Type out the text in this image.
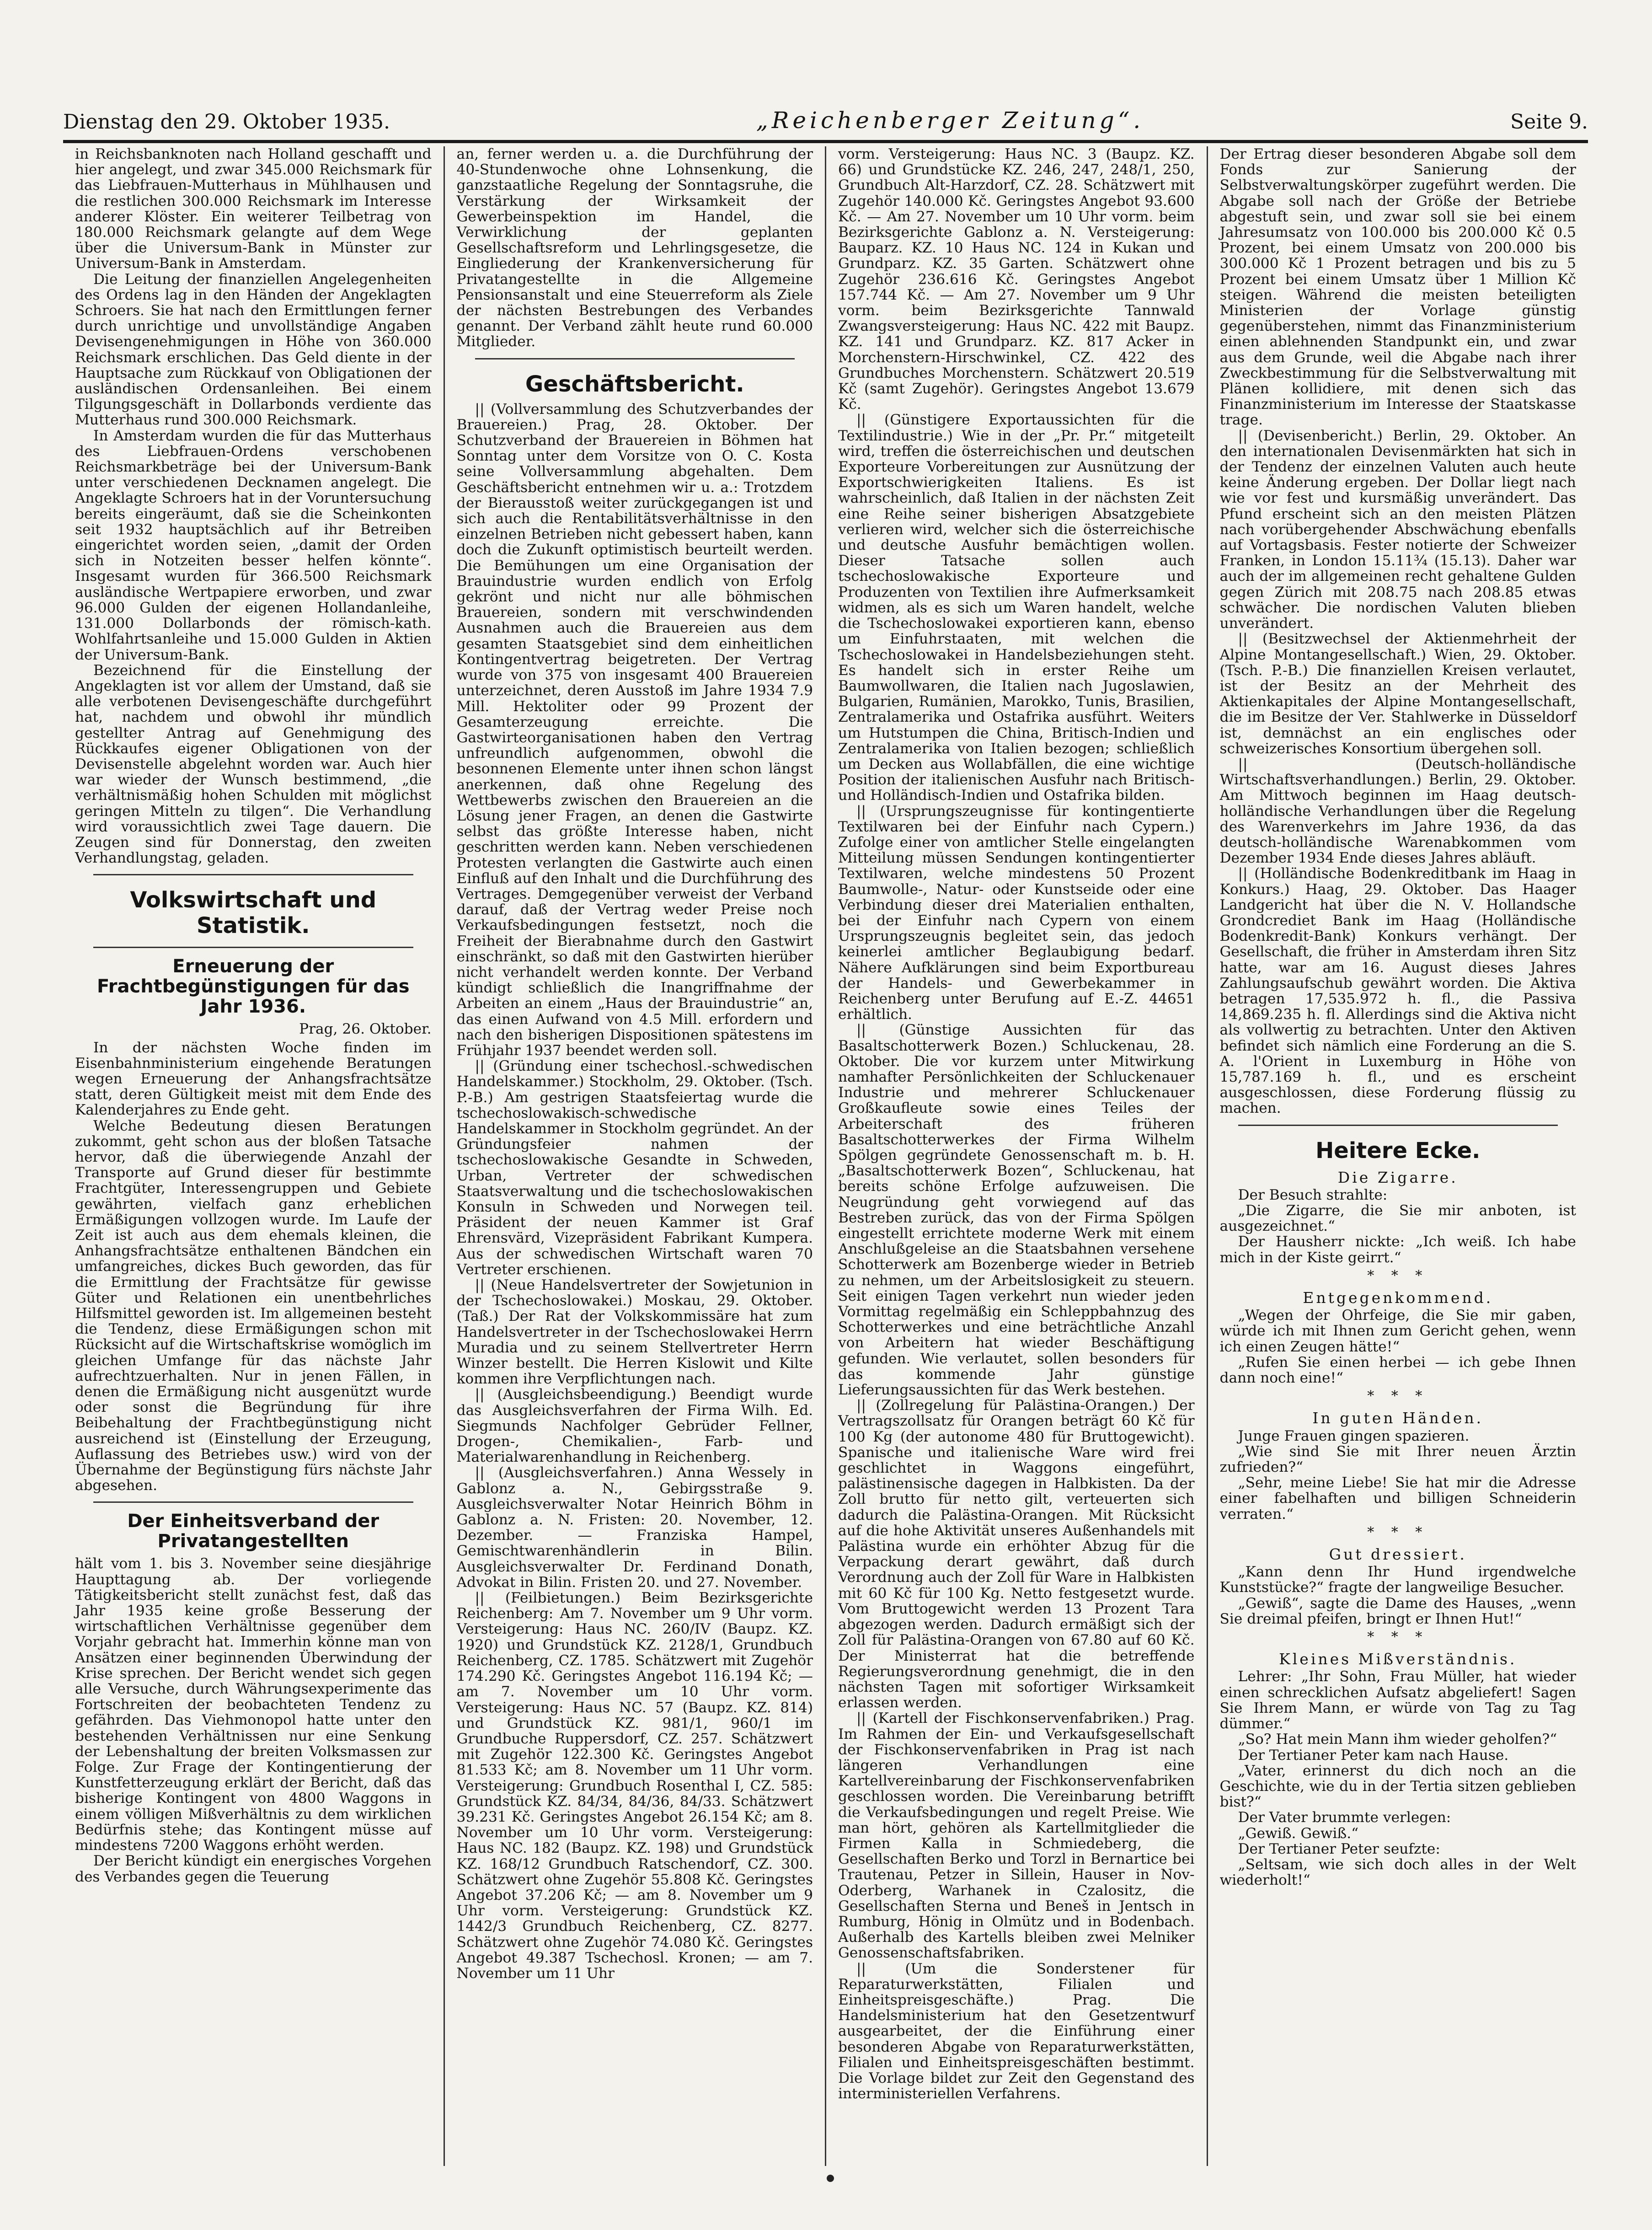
Dienstag den 29. Oktober 1935.	„Reichenberger Zeitung“.	Seite 9.

in Reichsbanknoten nach Holland geschafft und hier angelegt, und zwar 345.000 Reichsmark für das Liebfrauen-Mutterhaus in Mühlhausen und die restlichen 300.000 Reichsmark im Interesse anderer Klöster. Ein weiterer Teilbetrag von 180.000 Reichsmark gelangte auf dem Wege über die Universum-Bank in Münster zur Universum-Bank in Amsterdam.

Die Leitung der finanziellen Angelegenheiten des Ordens lag in den Händen der Angeklagten Schroers. Sie hat nach den Ermittlungen ferner durch unrichtige und unvollständige Angaben Devisengenehmigungen in Höhe von 360.000 Reichsmark erschlichen. Das Geld diente in der Hauptsache zum Rückkauf von Obligationen der ausländischen Ordensanleihen. Bei einem Tilgungsgeschäft in Dollarbonds verdiente das Mutterhaus rund 300.000 Reichsmark.

In Amsterdam wurden die für das Mutterhaus des Liebfrauen-Ordens verschobenen Reichsmarkbeträge bei der Universum-Bank unter verschiedenen Decknamen angelegt. Die Angeklagte Schroers hat in der Voruntersuchung bereits eingeräumt, daß sie die Scheinkonten seit 1932 hauptsächlich auf ihr Betreiben eingerichtet worden seien, „damit der Orden sich in Notzeiten besser helfen könnte“. Insgesamt wurden für 366.500 Reichsmark ausländische Wertpapiere erworben, und zwar 96.000 Gulden der eigenen Hollandanleihe, 131.000 Dollarbonds der römisch-kath. Wohlfahrtsanleihe und 15.000 Gulden in Aktien der Universum-Bank.

Bezeichnend für die Einstellung der Angeklagten ist vor allem der Umstand, daß sie alle verbotenen Devisengeschäfte durchgeführt hat, nachdem und obwohl ihr mündlich gestellter Antrag auf Genehmigung des Rückkaufes eigener Obligationen von der Devisenstelle abgelehnt worden war. Auch hier war wieder der Wunsch bestimmend, „die verhältnismäßig hohen Schulden mit möglichst geringen Mitteln zu tilgen“. Die Verhandlung wird voraussichtlich zwei Tage dauern. Die Zeugen sind für Donnerstag, den zweiten Verhandlungstag, geladen.

Volkswirtschaft und Statistik.
Erneuerung der Frachtbegünstigungen für das Jahr 1936.
Prag, 26. Oktober.

In der nächsten Woche finden im Eisenbahnministerium eingehende Beratungen wegen Erneuerung der Anhangsfrachtsätze statt, deren Gültigkeit meist mit dem Ende des Kalenderjahres zu Ende geht.

Welche Bedeutung diesen Beratungen zukommt, geht schon aus der bloßen Tatsache hervor, daß die überwiegende Anzahl der Transporte auf Grund dieser für bestimmte Frachtgüter, Interessengruppen und Gebiete gewährten, vielfach ganz erheblichen Ermäßigungen vollzogen wurde. Im Laufe der Zeit ist auch aus dem ehemals kleinen, die Anhangsfrachtsätze enthaltenen Bändchen ein umfangreiches, dickes Buch geworden, das für die Ermittlung der Frachtsätze für gewisse Güter und Relationen ein unentbehrliches Hilfsmittel geworden ist. Im allgemeinen besteht die Tendenz, diese Ermäßigungen schon mit Rücksicht auf die Wirtschaftskrise womöglich im gleichen Umfange für das nächste Jahr aufrechtzuerhalten. Nur in jenen Fällen, in denen die Ermäßigung nicht ausgenützt wurde oder sonst die Begründung für ihre Beibehaltung der Frachtbegünstigung nicht ausreichend ist (Einstellung der Erzeugung, Auflassung des Betriebes usw.) wird von der Übernahme der Begünstigung fürs nächste Jahr abgesehen.

Der Einheitsverband der Privatangestellten

hält vom 1. bis 3. November seine diesjährige Haupttagung ab. Der vorliegende Tätigkeitsbericht stellt zunächst fest, daß das Jahr 1935 keine große Besserung der wirtschaftlichen Verhältnisse gegenüber dem Vorjahr gebracht hat. Immerhin könne man von Ansätzen einer beginnenden Überwindung der Krise sprechen. Der Bericht wendet sich gegen alle Versuche, durch Währungsexperimente das Fortschreiten der beobachteten Tendenz zu gefährden. Das Viehmonopol hatte unter den bestehenden Verhältnissen nur eine Senkung der Lebenshaltung der breiten Volksmassen zur Folge. Zur Frage der Kontingentierung der Kunstfetterzeugung erklärt der Bericht, daß das bisherige Kontingent von 4800 Waggons in einem völligen Mißverhältnis zu dem wirklichen Bedürfnis stehe; das Kontingent müsse auf mindestens 7200 Waggons erhöht werden.

Der Bericht kündigt ein energisches Vorgehen des Verbandes gegen die Teuerung

an, ferner werden u. a. die Durchführung der 40-Stundenwoche ohne Lohnsenkung, die ganzstaatliche Regelung der Sonntagsruhe, die Verstärkung der Wirksamkeit der Gewerbeinspektion im Handel, die Verwirklichung der geplanten Gesellschaftsreform und Lehrlingsgesetze, die Eingliederung der Krankenversicherung für Privatangestellte in die Allgemeine Pensionsanstalt und eine Steuerreform als Ziele der nächsten Bestrebungen des Verbandes genannt. Der Verband zählt heute rund 60.000 Mitglieder.

Geschäftsbericht.

|| (Vollversammlung des Schutzverbandes der Brauereien.) Prag, 28. Oktober. Der Schutzverband der Brauereien in Böhmen hat Sonntag unter dem Vorsitze von O. C. Kosta seine Vollversammlung abgehalten. Dem Geschäftsbericht entnehmen wir u. a.: Trotzdem der Bierausstoß weiter zurückgegangen ist und sich auch die Rentabilitätsverhältnisse in den einzelnen Betrieben nicht gebessert haben, kann doch die Zukunft optimistisch beurteilt werden. Die Bemühungen um eine Organisation der Brauindustrie wurden endlich von Erfolg gekrönt und nicht nur alle böhmischen Brauereien, sondern mit verschwindenden Ausnahmen auch die Brauereien aus dem gesamten Staatsgebiet sind dem einheitlichen Kontingentvertrag beigetreten. Der Vertrag wurde von 375 von insgesamt 400 Brauereien unterzeichnet, deren Ausstoß im Jahre 1934 7.9 Mill. Hektoliter oder 99 Prozent der Gesamterzeugung erreichte. Die Gastwirteorganisationen haben den Vertrag unfreundlich aufgenommen, obwohl die besonnenen Elemente unter ihnen schon längst anerkennen, daß ohne Regelung des Wettbewerbs zwischen den Brauereien an die Lösung jener Fragen, an denen die Gastwirte selbst das größte Interesse haben, nicht geschritten werden kann. Neben verschiedenen Protesten verlangten die Gastwirte auch einen Einfluß auf den Inhalt und die Durchführung des Vertrages. Demgegenüber verweist der Verband darauf, daß der Vertrag weder Preise noch Verkaufsbedingungen festsetzt, noch die Freiheit der Bierabnahme durch den Gastwirt einschränkt, so daß mit den Gastwirten hierüber nicht verhandelt werden konnte. Der Verband kündigt schließlich die Inangriffnahme der Arbeiten an einem „Haus der Brauindustrie“ an, das einen Aufwand von 4.5 Mill. erfordern und nach den bisherigen Dispositionen spätestens im Frühjahr 1937 beendet werden soll.

|| (Gründung einer tschechosl.-schwedischen Handelskammer.) Stockholm, 29. Oktober. (Tsch. P.-B.) Am gestrigen Staatsfeiertag wurde die tschechoslowakisch-schwedische Handelskammer in Stockholm gegründet. An der Gründungsfeier nahmen der tschechoslowakische Gesandte in Schweden, Urban, Vertreter der schwedischen Staatsverwaltung und die tschechoslowakischen Konsuln in Schweden und Norwegen teil. Präsident der neuen Kammer ist Graf Ehrensvärd, Vizepräsident Fabrikant Kumpera. Aus der schwedischen Wirtschaft waren 70 Vertreter erschienen.

|| (Neue Handelsvertreter der Sowjetunion in der Tschechoslowakei.) Moskau, 29. Oktober. (Taß.) Der Rat der Volkskommissäre hat zum Handelsvertreter in der Tschechoslowakei Herrn Muradia und zu seinem Stellvertreter Herrn Winzer bestellt. Die Herren Kislowit und Kilte kommen ihre Verpflichtungen nach.

|| (Ausgleichsbeendigung.) Beendigt wurde das Ausgleichsverfahren der Firma Wilh. Ed. Siegmunds Nachfolger Gebrüder Fellner, Drogen-, Chemikalien-, Farb- und Materialwarenhandlung in Reichenberg.

|| (Ausgleichsverfahren.) Anna Wessely in Gablonz a. N., Gebirgsstraße 9. Ausgleichsverwalter Notar Heinrich Böhm in Gablonz a. N. Fristen: 20. November, 12. Dezember. — Franziska Hampel, Gemischtwarenhändlerin in Bilin. Ausgleichsverwalter Dr. Ferdinand Donath, Advokat in Bilin. Fristen 20. und 27. November.

|| (Feilbietungen.) Beim Bezirksgerichte Reichenberg: Am 7. November um 9 Uhr vorm. Versteigerung: Haus NC. 260/IV (Baupz. KZ. 1920) und Grundstück KZ. 2128/1, Grundbuch Reichenberg, CZ. 1785. Schätzwert mit Zugehör 174.290 Kč. Geringstes Angebot 116.194 Kč; — am 7. November um 10 Uhr vorm. Versteigerung: Haus NC. 57 (Baupz. KZ. 814) und Grundstück KZ. 981/1, 960/1 im Grundbuche Ruppersdorf, CZ. 257. Schätzwert mit Zugehör 122.300 Kč. Geringstes Angebot 81.533 Kč; am 8. November um 11 Uhr vorm. Versteigerung: Grundbuch Rosenthal I, CZ. 585: Grundstück KZ. 84/34, 84/36, 84/33. Schätzwert 39.231 Kč. Geringstes Angebot 26.154 Kč; am 8. November um 10 Uhr vorm. Versteigerung: Haus NC. 182 (Baupz. KZ. 198) und Grundstück KZ. 168/12 Grundbuch Ratschendorf, CZ. 300. Schätzwert ohne Zugehör 55.808 Kč. Geringstes Angebot 37.206 Kč; — am 8. November um 9 Uhr vorm. Versteigerung: Grundstück KZ. 1442/3 Grundbuch Reichenberg, CZ. 8277. Schätzwert ohne Zugehör 74.080 Kč. Geringstes Angebot 49.387 Tschechosl. Kronen; — am 7. November um 11 Uhr

vorm. Versteigerung: Haus NC. 3 (Baupz. KZ. 66) und Grundstücke KZ. 246, 247, 248/1, 250, Grundbuch Alt-Harzdorf, CZ. 28. Schätzwert mit Zugehör 140.000 Kč. Geringstes Angebot 93.600 Kč. — Am 27. November um 10 Uhr vorm. beim Bezirksgerichte Gablonz a. N. Versteigerung: Bauparz. KZ. 10 Haus NC. 124 in Kukan und Grundparz. KZ. 35 Garten. Schätzwert ohne Zugehör 236.616 Kč. Geringstes Angebot 157.744 Kč. — Am 27. November um 9 Uhr vorm. beim Bezirksgerichte Tannwald Zwangsversteigerung: Haus NC. 422 mit Baupz. KZ. 141 und Grundparz. KZ. 817 Acker in Morchenstern-Hirschwinkel, CZ. 422 des Grundbuches Morchenstern. Schätzwert 20.519 Kč (samt Zugehör). Geringstes Angebot 13.679 Kč.

|| (Günstigere Exportaussichten für die Textilindustrie.) Wie in der „Pr. Pr.“ mitgeteilt wird, treffen die österreichischen und deutschen Exporteure Vorbereitungen zur Ausnützung der Exportschwierigkeiten Italiens. Es ist wahrscheinlich, daß Italien in der nächsten Zeit eine Reihe seiner bisherigen Absatzgebiete verlieren wird, welcher sich die österreichische und deutsche Ausfuhr bemächtigen wollen. Dieser Tatsache sollen auch tschechoslowakische Exporteure und Produzenten von Textilien ihre Aufmerksamkeit widmen, als es sich um Waren handelt, welche die Tschechoslowakei exportieren kann, ebenso um Einfuhrstaaten, mit welchen die Tschechoslowakei in Handelsbeziehungen steht. Es handelt sich in erster Reihe um Baumwollwaren, die Italien nach Jugoslawien, Bulgarien, Rumänien, Marokko, Tunis, Brasilien, Zentralamerika und Ostafrika ausführt. Weiters um Hutstumpen die China, Britisch-Indien und Zentralamerika von Italien bezogen; schließlich um Decken aus Wollabfällen, die eine wichtige Position der italienischen Ausfuhr nach Britisch- und Holländisch-Indien und Ostafrika bilden.

|| (Ursprungszeugnisse für kontingentierte Textilwaren bei der Einfuhr nach Cypern.) Zufolge einer von amtlicher Stelle eingelangten Mitteilung müssen Sendungen kontingentierter Textilwaren, welche mindestens 50 Prozent Baumwolle-, Natur- oder Kunstseide oder eine Verbindung dieser drei Materialien enthalten, bei der Einfuhr nach Cypern von einem Ursprungszeugnis begleitet sein, das jedoch keinerlei amtlicher Beglaubigung bedarf. Nähere Aufklärungen sind beim Exportbureau der Handels- und Gewerbekammer in Reichenberg unter Berufung auf E.-Z. 44651 erhältlich.

|| (Günstige Aussichten für das Basaltschotterwerk Bozen.) Schluckenau, 28. Oktober. Die vor kurzem unter Mitwirkung namhafter Persönlichkeiten der Schluckenauer Industrie und mehrerer Schluckenauer Großkaufleute sowie eines Teiles der Arbeiterschaft des früheren Basaltschotterwerkes der Firma Wilhelm Spölgen gegründete Genossenschaft m. b. H. „Basaltschotterwerk Bozen“, Schluckenau, hat bereits schöne Erfolge aufzuweisen. Die Neugründung geht vorwiegend auf das Bestreben zurück, das von der Firma Spölgen eingestellt errichtete moderne Werk mit einem Anschlußgeleise an die Staatsbahnen versehene Schotterwerk am Bozenberge wieder in Betrieb zu nehmen, um der Arbeitslosigkeit zu steuern. Seit einigen Tagen verkehrt nun wieder jeden Vormittag regelmäßig ein Schleppbahnzug des Schotterwerkes und eine beträchtliche Anzahl von Arbeitern hat wieder Beschäftigung gefunden. Wie verlautet, sollen besonders für das kommende Jahr günstige Lieferungsaussichten für das Werk bestehen.

|| (Zollregelung für Palästina-Orangen.) Der Vertragszollsatz für Orangen beträgt 60 Kč für 100 Kg (der autonome 480 für Bruttogewicht). Spanische und italienische Ware wird frei geschlichtet in Waggons eingeführt, palästinensische dagegen in Halbkisten. Da der Zoll brutto für netto gilt, verteuerten sich dadurch die Palästina-Orangen. Mit Rücksicht auf die hohe Aktivität unseres Außenhandels mit Palästina wurde ein erhöhter Abzug für die Verpackung derart gewährt, daß durch Verordnung auch der Zoll für Ware in Halbkisten mit 60 Kč für 100 Kg. Netto festgesetzt wurde. Vom Bruttogewicht werden 13 Prozent Tara abgezogen werden. Dadurch ermäßigt sich der Zoll für Palästina-Orangen von 67.80 auf 60 Kč. Der Ministerrat hat die betreffende Regierungsverordnung genehmigt, die in den nächsten Tagen mit sofortiger Wirksamkeit erlassen werden.

|| (Kartell der Fischkonservenfabriken.) Prag. Im Rahmen der Ein- und Verkaufsgesellschaft der Fischkonservenfabriken in Prag ist nach längeren Verhandlungen eine Kartellvereinbarung der Fischkonservenfabriken geschlossen worden. Die Vereinbarung betrifft die Verkaufsbedingungen und regelt Preise. Wie man hört, gehören als Kartellmitglieder die Firmen Kalla in Schmiedeberg, die Gesellschaften Berko und Torzl in Bernartice bei Trautenau, Petzer in Sillein, Hauser in Nov-Oderberg, Warhanek in Czalositz, die Gesellschaften Sterna und Beneš in Jentsch in Rumburg, Hönig in Olmütz und in Bodenbach. Außerhalb des Kartells bleiben zwei Melniker Genossenschaftsfabriken.

|| (Um die Sonderstener für Reparaturwerkstätten, Filialen und Einheitspreisgeschäfte.) Prag. Die Handelsministerium hat den Gesetzentwurf ausgearbeitet, der die Einführung einer besonderen Abgabe von Reparaturwerkstätten, Filialen und Einheitspreisgeschäften bestimmt. Die Vorlage bildet zur Zeit den Gegenstand des interministeriellen Verfahrens.

Der Ertrag dieser besonderen Abgabe soll dem Fonds zur Sanierung der Selbstverwaltungskörper zugeführt werden. Die Abgabe soll nach der Größe der Betriebe abgestuft sein, und zwar soll sie bei einem Jahresumsatz von 100.000 bis 200.000 Kč 0.5 Prozent, bei einem Umsatz von 200.000 bis 300.000 Kč 1 Prozent betragen und bis zu 5 Prozent bei einem Umsatz über 1 Million Kč steigen. Während die meisten beteiligten Ministerien der Vorlage günstig gegenüberstehen, nimmt das Finanzministerium einen ablehnenden Standpunkt ein, und zwar aus dem Grunde, weil die Abgabe nach ihrer Zweckbestimmung für die Selbstverwaltung mit Plänen kollidiere, mit denen sich das Finanzministerium im Interesse der Staatskasse trage.

|| (Devisenbericht.) Berlin, 29. Oktober. An den internationalen Devisenmärkten hat sich in der Tendenz der einzelnen Valuten auch heute keine Änderung ergeben. Der Dollar liegt nach wie vor fest und kursmäßig unverändert. Das Pfund erscheint sich an den meisten Plätzen nach vorübergehender Abschwächung ebenfalls auf Vortagsbasis. Fester notierte der Schweizer Franken, in London 15.11¾ (15.13). Daher war auch der im allgemeinen recht gehaltene Gulden gegen Zürich mit 208.75 nach 208.85 etwas schwächer. Die nordischen Valuten blieben unverändert.

|| (Besitzwechsel der Aktienmehrheit der Alpine Montangesellschaft.) Wien, 29. Oktober. (Tsch. P.-B.) Die finanziellen Kreisen verlautet, ist der Besitz an der Mehrheit des Aktienkapitales der Alpine Montangesellschaft, die im Besitze der Ver. Stahlwerke in Düsseldorf ist, demnächst an ein englisches oder schweizerisches Konsortium übergehen soll.

|| (Deutsch-holländische Wirtschaftsverhandlungen.) Berlin, 29. Oktober. Am Mittwoch beginnen im Haag deutsch-holländische Verhandlungen über die Regelung des Warenverkehrs im Jahre 1936, da das deutsch-holländische Warenabkommen vom Dezember 1934 Ende dieses Jahres abläuft.

|| (Holländische Bodenkreditbank im Haag in Konkurs.) Haag, 29. Oktober. Das Haager Landgericht hat über die N. V. Hollandsche Grondcrediet Bank im Haag (Holländische Bodenkredit-Bank) Konkurs verhängt. Der Gesellschaft, die früher in Amsterdam ihren Sitz hatte, war am 16. August dieses Jahres Zahlungsaufschub gewährt worden. Die Aktiva betragen 17,535.972 h. fl., die Passiva 14,869.235 h. fl. Allerdings sind die Aktiva nicht als vollwertig zu betrachten. Unter den Aktiven befindet sich nämlich eine Forderung an die S. A. l'Orient in Luxemburg in Höhe von 15,787.169 h. fl., und es erscheint ausgeschlossen, diese Forderung flüssig zu machen.

Heitere Ecke.
Die Zigarre.

Der Besuch strahlte:

„Die Zigarre, die Sie mir anboten, ist ausgezeichnet.“

Der Hausherr nickte: „Ich weiß. Ich habe mich in der Kiste geirrt.“

* * *
Entgegenkommend.

„Wegen der Ohrfeige, die Sie mir gaben, würde ich mit Ihnen zum Gericht gehen, wenn ich einen Zeugen hätte!“

„Rufen Sie einen herbei — ich gebe Ihnen dann noch eine!“

* * *
In guten Händen.

Junge Frauen gingen spazieren.

„Wie sind Sie mit Ihrer neuen Ärztin zufrieden?“

„Sehr, meine Liebe! Sie hat mir die Adresse einer fabelhaften und billigen Schneiderin verraten.“

* * *
Gut dressiert.

„Kann denn Ihr Hund irgendwelche Kunststücke?“ fragte der langweilige Besucher.

„Gewiß“, sagte die Dame des Hauses, „wenn Sie dreimal pfeifen, bringt er Ihnen Hut!“

* * *
Kleines Mißverständnis.

Lehrer: „Ihr Sohn, Frau Müller, hat wieder einen schrecklichen Aufsatz abgeliefert! Sagen Sie Ihrem Mann, er würde von Tag zu Tag dümmer.“

„So? Hat mein Mann ihm wieder geholfen?“

Der Tertianer Peter kam nach Hause.

„Vater, erinnerst du dich noch an die Geschichte, wie du in der Tertia sitzen geblieben bist?“

Der Vater brummte verlegen:

„Gewiß. Gewiß.“

Der Tertianer Peter seufzte:

„Seltsam, wie sich doch alles in der Welt wiederholt!“
